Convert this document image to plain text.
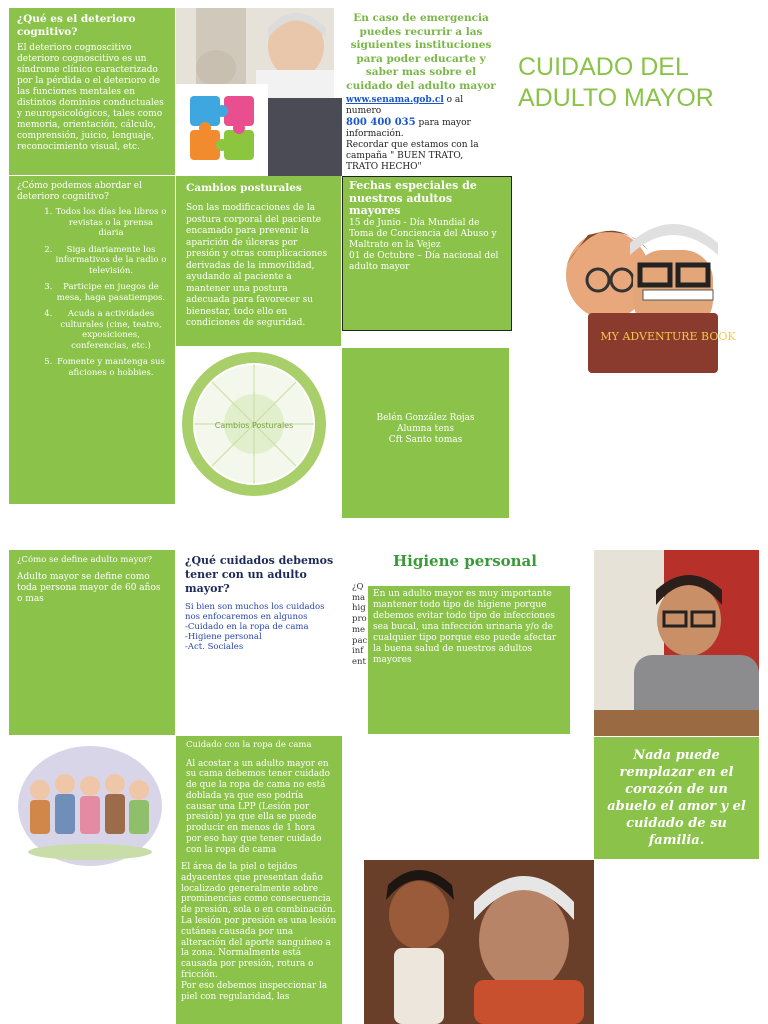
¿Qué es el deterioro cognitivo?

El deterioro cognoscitivo deterioro cognoscitivo es un síndrome clínico caracterizado por la pérdida o el deterioro de las funciones mentales en distintos dominios conductuales y neuropsicológicos, tales como memoria, orientación, cálculo, comprensión, juicio, lenguaje, reconocimiento visual, etc.

En caso de emergencia puedes recurrir a las siguientes instituciones para poder educarte y saber mas sobre el cuidado del adulto mayor

www.senama.gob.cl o al numero
800 400 035 para mayor información.
Recordar que estamos con la campaña " BUEN TRATO, TRATO HECHO"

CUIDADO DEL
ADULTO MAYOR

¿Cómo podemos abordar el deterioro cognitivo?

1. Todos los días lea libros o revistas o la prensa diaria
2. Siga diariamente los informativos de la radio o televisión.
3. Participe en juegos de mesa, haga pasatiempos.
4. Acuda a actividades culturales (cine, teatro, exposiciones, conferencias, etc.)
5. Fomente y mantenga sus aficiones o hobbies.

Cambios posturales

Son las modificaciones de la postura corporal del paciente encamado para prevenir la aparición de úlceras por presión y otras complicaciones derivadas de la inmovilidad, ayudando al paciente a mantener una postura adecuada para favorecer su bienestar, todo ello en condiciones de seguridad.

Fechas especiales de nuestros adultos mayores

15 de Junio - Día Mundial de Toma de Conciencia del Abuso y Maltrato en la Vejez

01 de Octubre – Día nacional del adulto mayor

MY ADVENTURE BOOK
Cambios Posturales

Belén González Rojas

Alumna tens

Cft Santo tomas

¿Cómo se define adulto mayor?

Adulto mayor se define como toda persona mayor de 60 años o mas

¿Qué cuidados debemos tener con un adulto mayor?

Si bien son muchos los cuidados nos enfocaremos en algunos

-Cuidado en la ropa de cama
-Higiene personal
-Act. Sociales
Higiene personal
¿Q
ma
hig
pro
me
pac
inf
ent

En un adulto mayor es muy importante mantener todo tipo de higiene porque debemos evitar todo tipo de infecciones sea bucal, una infección urinaria y/o de cualquier tipo porque eso puede afectar la buena salud de nuestros adultos mayores

Nada puede remplazar en el corazón de un abuelo el amor y el cuidado de su familia.

Cuidado con la ropa de cama

Al acostar a un adulto mayor en su cama debemos tener cuidado de que la ropa de cama no está doblada ya que eso podría causar una LPP (Lesión por presión) ya que ella se puede producir en menos de 1 hora por eso hay que tener cuidado con la ropa de cama

El área de la piel o tejidos adyacentes que presentan daño localizado generalmente sobre prominencias como consecuencia de presión, sola o en combinación.
La lesión por presión es una lesión cutánea causada por una alteración del aporte sanguíneo a la zona. Normalmente está causada por presión, rotura o fricción.
Por eso debemos inspeccionar la piel con regularidad, las
